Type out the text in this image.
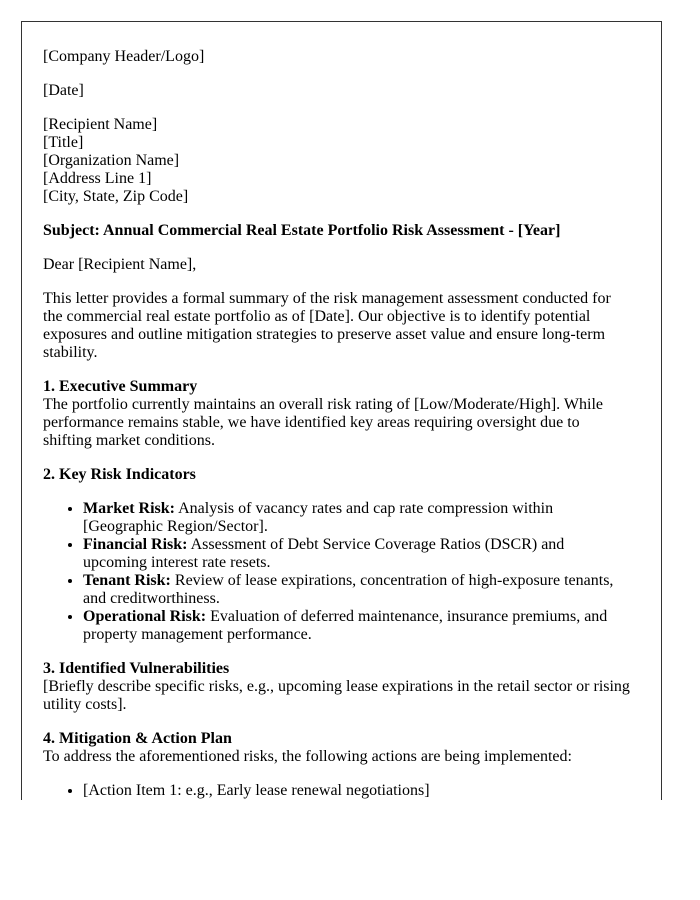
[Company Header/Logo]

[Date]

[Recipient Name]
[Title]
[Organization Name]
[Address Line 1]
[City, State, Zip Code]

Subject: Annual Commercial Real Estate Portfolio Risk Assessment - [Year]

Dear [Recipient Name],

This letter provides a formal summary of the risk management assessment conducted for the commercial real estate portfolio as of [Date]. Our objective is to identify potential exposures and outline mitigation strategies to preserve asset value and ensure long-term stability.

1. Executive Summary
The portfolio currently maintains an overall risk rating of [Low/Moderate/High]. While performance remains stable, we have identified key areas requiring oversight due to shifting market conditions.

2. Key Risk Indicators

• Market Risk: Analysis of vacancy rates and cap rate compression within [Geographic Region/Sector].
• Financial Risk: Assessment of Debt Service Coverage Ratios (DSCR) and upcoming interest rate resets.
• Tenant Risk: Review of lease expirations, concentration of high-exposure tenants, and creditworthiness.
• Operational Risk: Evaluation of deferred maintenance, insurance premiums, and property management performance.

3. Identified Vulnerabilities
[Briefly describe specific risks, e.g., upcoming lease expirations in the retail sector or rising utility costs].

4. Mitigation & Action Plan
To address the aforementioned risks, the following actions are being implemented:

• [Action Item 1: e.g., Early lease renewal negotiations]
